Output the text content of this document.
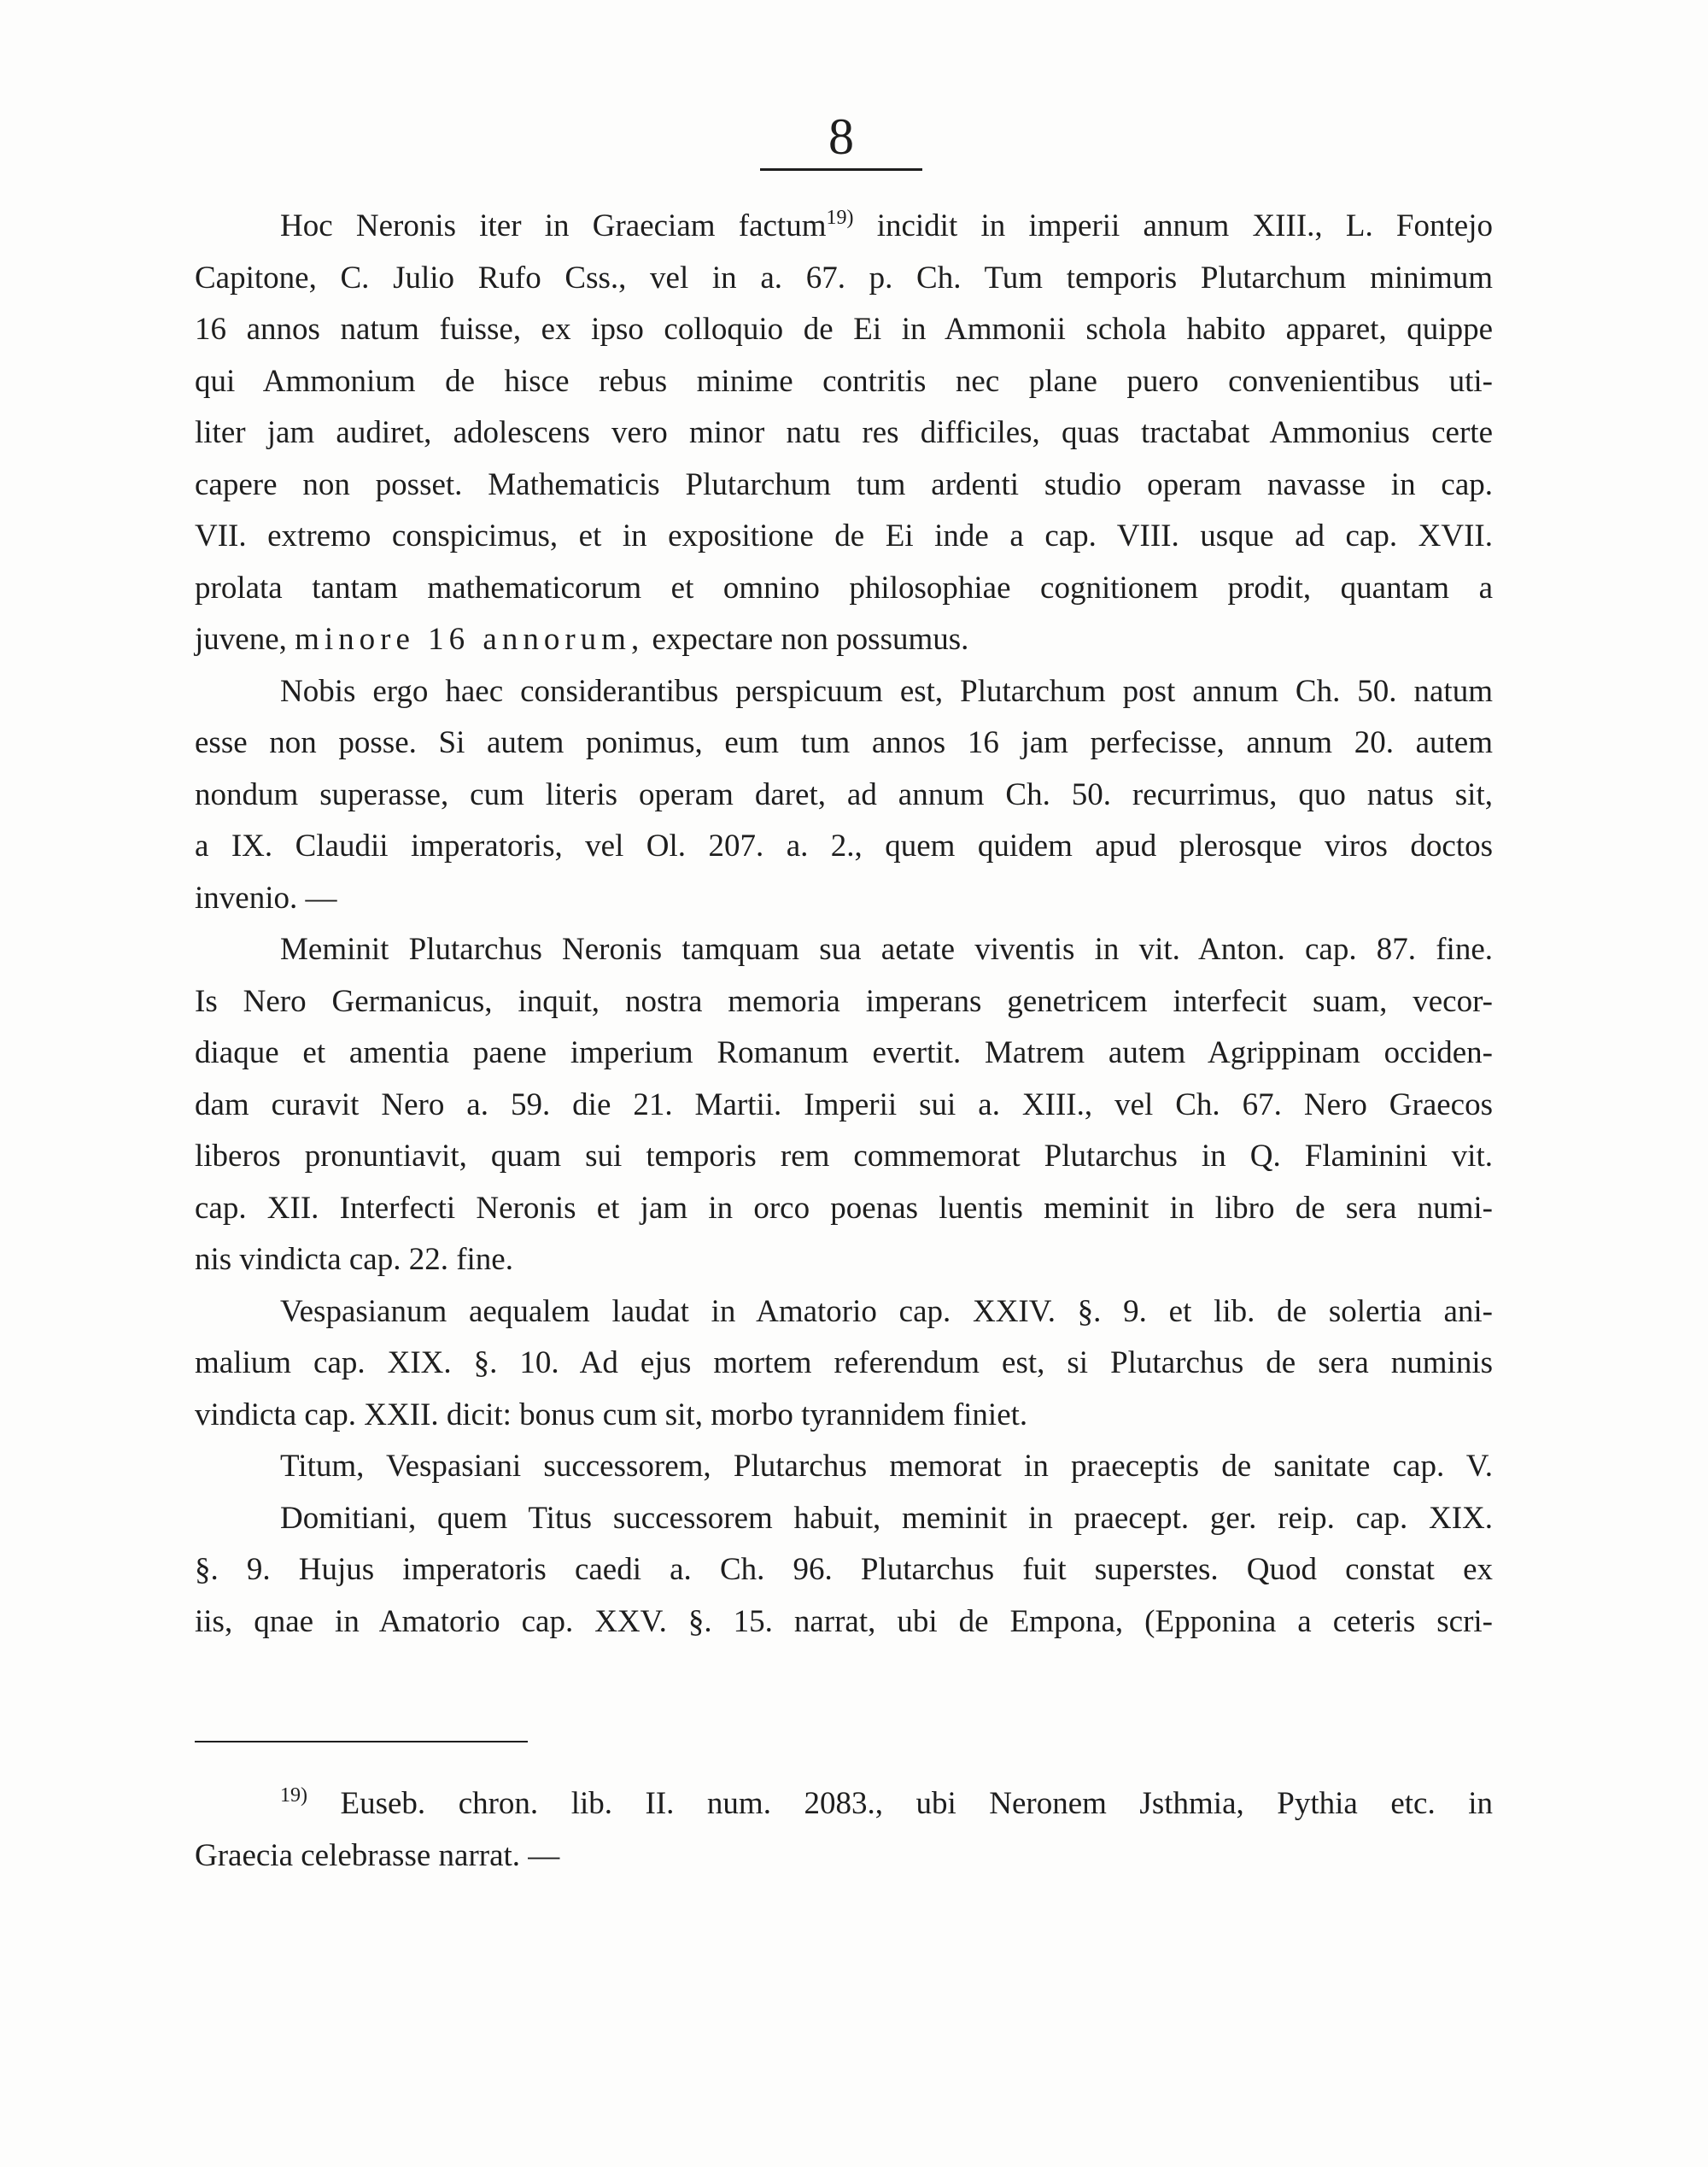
8
Hoc Neronis iter in Graeciam factum$^{19)}$ incidit in imperii annum XIII., L. Fontejo
Capitone, C. Julio Rufo Css., vel in a. 67. p. Ch. Tum temporis Plutarchum minimum
16 annos natum fuisse, ex ipso colloquio de Ei in Ammonii schola habito apparet, quippe
qui Ammonium de hisce rebus minime contritis nec plane puero convenientibus uti-
liter jam audiret, adolescens vero minor natu res difficiles, quas tractabat Ammonius certe
capere non posset. Mathematicis Plutarchum tum ardenti studio operam navasse in cap.
VII. extremo conspicimus, et in expositione de Ei inde a cap. VIII. usque ad cap. XVII.
prolata tantam mathematicorum et omnino philosophiae cognitionem prodit, quantam a
juvene, minore 16 annorum, expectare non possumus.
Nobis ergo haec considerantibus perspicuum est, Plutarchum post annum Ch. 50. natum
esse non posse. Si autem ponimus, eum tum annos 16 jam perfecisse, annum 20. autem
nondum superasse, cum literis operam daret, ad annum Ch. 50. recurrimus, quo natus sit,
a IX. Claudii imperatoris, vel Ol. 207. a. 2., quem quidem apud plerosque viros doctos
invenio. —
Meminit Plutarchus Neronis tamquam sua aetate viventis in vit. Anton. cap. 87. fine.
Is Nero Germanicus, inquit, nostra memoria imperans genetricem interfecit suam, vecor-
diaque et amentia paene imperium Romanum evertit. Matrem autem Agrippinam occiden-
dam curavit Nero a. 59. die 21. Martii. Imperii sui a. XIII., vel Ch. 67. Nero Graecos
liberos pronuntiavit, quam sui temporis rem commemorat Plutarchus in Q. Flaminini vit.
cap. XII. Interfecti Neronis et jam in orco poenas luentis meminit in libro de sera numi-
nis vindicta cap. 22. fine.
Vespasianum aequalem laudat in Amatorio cap. XXIV. §. 9. et lib. de solertia ani-
malium cap. XIX. §. 10. Ad ejus mortem referendum est, si Plutarchus de sera numinis
vindicta cap. XXII. dicit: bonus cum sit, morbo tyrannidem finiet.
Titum, Vespasiani successorem, Plutarchus memorat in praeceptis de sanitate cap. V.
Domitiani, quem Titus successorem habuit, meminit in praecept. ger. reip. cap. XIX.
§. 9. Hujus imperatoris caedi a. Ch. 96. Plutarchus fuit superstes. Quod constat ex
iis, qnae in Amatorio cap. XXV. §. 15. narrat, ubi de Empona, (Epponina a ceteris scri-
$^{19)}$ Euseb. chron. lib. II. num. 2083., ubi Neronem Jsthmia, Pythia etc. in
Graecia celebrasse narrat. —
